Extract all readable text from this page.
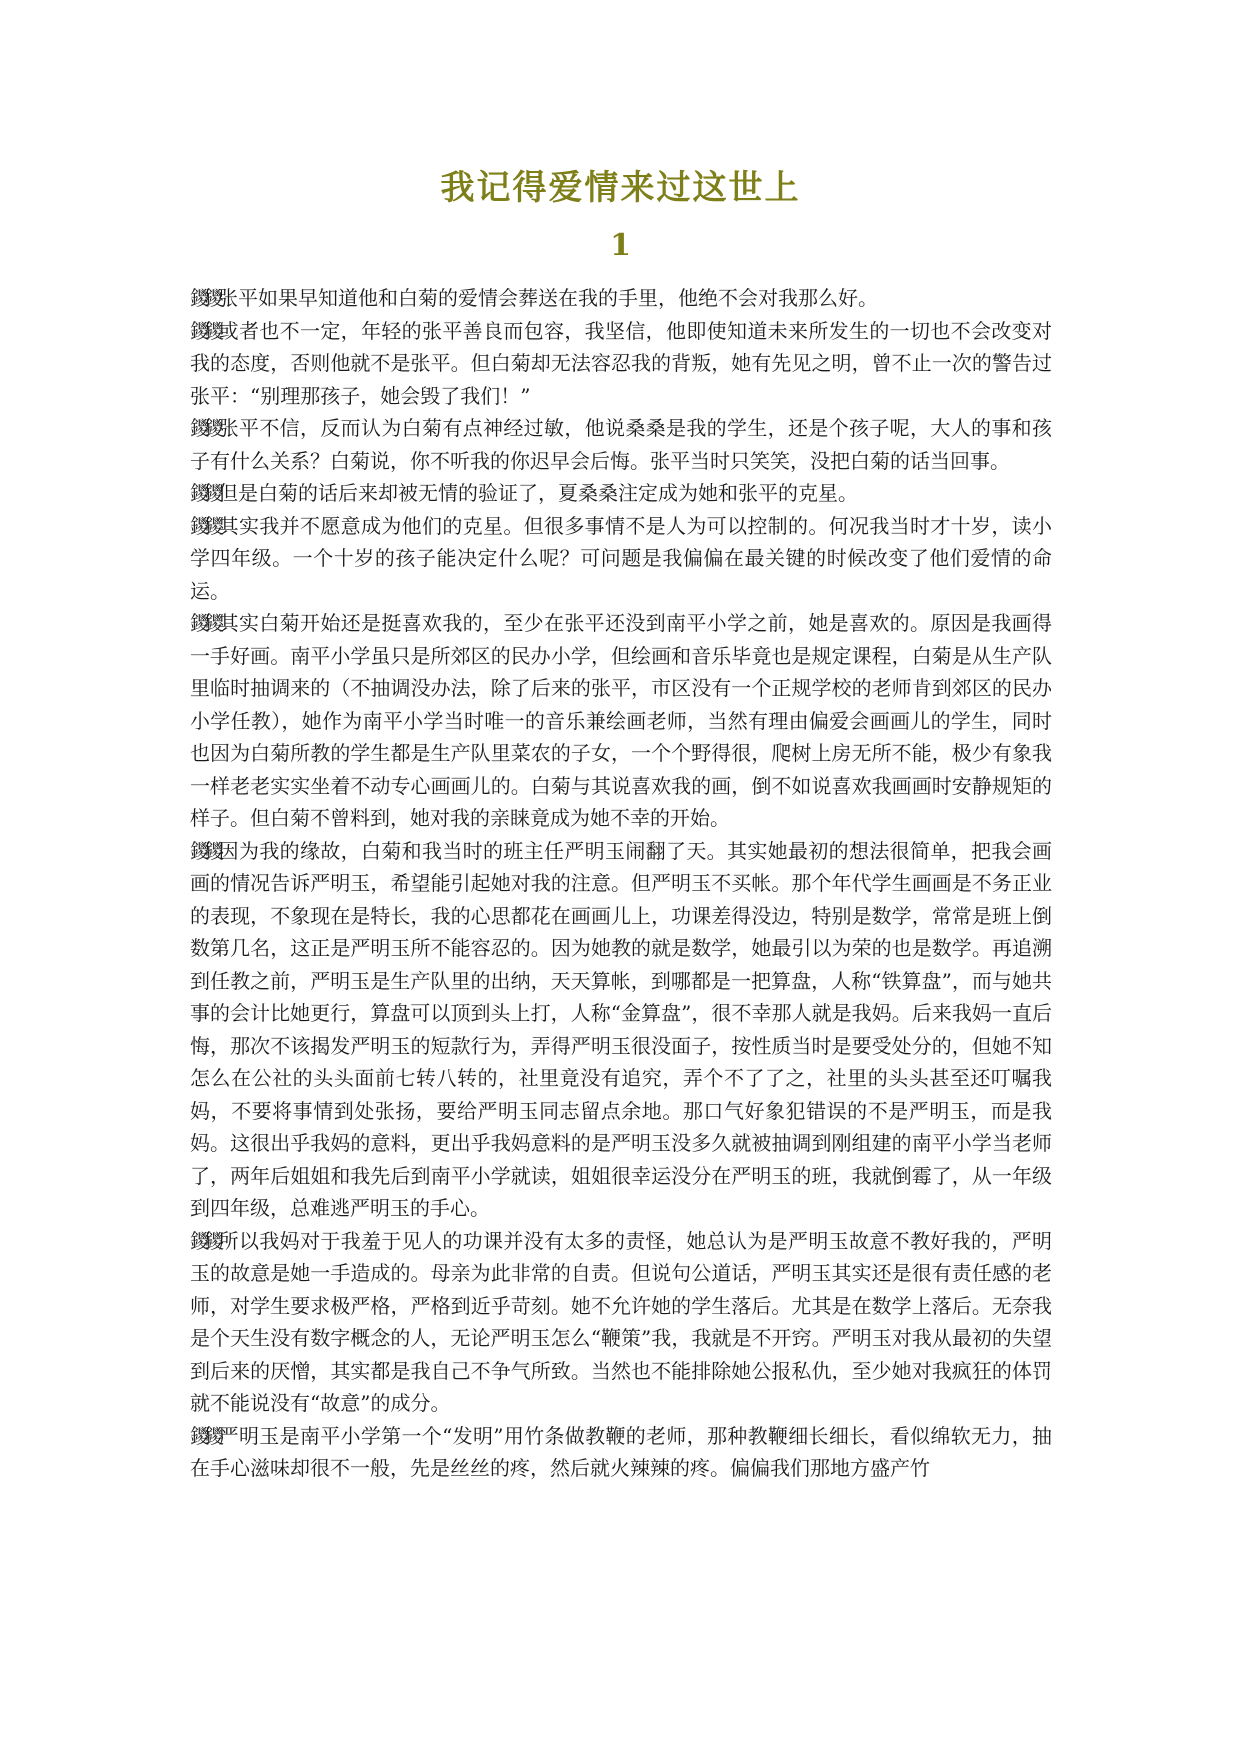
我记得爱情来过这世上
1

鑁鑁张平如果早知道他和白菊的爱情会葬送在我的手里，他绝不会对我那么好。

鑁鑁或者也不一定，年轻的张平善良而包容，我坚信，他即使知道未来所发生的一切也不会改变对我的态度，否则他就不是张平。但白菊却无法容忍我的背叛，她有先见之明，曾不止一次的警告过张平：“别理那孩子，她会毁了我们！”

鑁鑁张平不信，反而认为白菊有点神经过敏，他说桑桑是我的学生，还是个孩子呢，大人的事和孩子有什么关系？白菊说，你不听我的你迟早会后悔。张平当时只笑笑，没把白菊的话当回事。

鑁鑁但是白菊的话后来却被无情的验证了，夏桑桑注定成为她和张平的克星。

鑁鑁其实我并不愿意成为他们的克星。但很多事情不是人为可以控制的。何况我当时才十岁，读小学四年级。一个十岁的孩子能决定什么呢？可问题是我偏偏在最关键的时候改变了他们爱情的命运。

鑁鑁其实白菊开始还是挺喜欢我的，至少在张平还没到南平小学之前，她是喜欢的。原因是我画得一手好画。南平小学虽只是所郊区的民办小学，但绘画和音乐毕竟也是规定课程，白菊是从生产队里临时抽调来的（不抽调没办法，除了后来的张平，市区没有一个正规学校的老师肯到郊区的民办小学任教），她作为南平小学当时唯一的音乐兼绘画老师，当然有理由偏爱会画画儿的学生，同时也因为白菊所教的学生都是生产队里菜农的子女，一个个野得很，爬树上房无所不能，极少有象我一样老老实实坐着不动专心画画儿的。白菊与其说喜欢我的画，倒不如说喜欢我画画时安静规矩的样子。但白菊不曾料到，她对我的亲睐竟成为她不幸的开始。

鑁鑁因为我的缘故，白菊和我当时的班主任严明玉闹翻了天。其实她最初的想法很简单，把我会画画的情况告诉严明玉，希望能引起她对我的注意。但严明玉不买帐。那个年代学生画画是不务正业的表现，不象现在是特长，我的心思都花在画画儿上，功课差得没边，特别是数学，常常是班上倒数第几名，这正是严明玉所不能容忍的。因为她教的就是数学，她最引以为荣的也是数学。再追溯到任教之前，严明玉是生产队里的出纳，天天算帐，到哪都是一把算盘，人称“铁算盘”，而与她共事的会计比她更行，算盘可以顶到头上打，人称“金算盘”，很不幸那人就是我妈。后来我妈一直后悔，那次不该揭发严明玉的短款行为，弄得严明玉很没面子，按性质当时是要受处分的，但她不知怎么在公社的头头面前七转八转的，社里竟没有追究，弄个不了了之，社里的头头甚至还叮嘱我妈，不要将事情到处张扬，要给严明玉同志留点余地。那口气好象犯错误的不是严明玉，而是我妈。这很出乎我妈的意料，更出乎我妈意料的是严明玉没多久就被抽调到刚组建的南平小学当老师了，两年后姐姐和我先后到南平小学就读，姐姐很幸运没分在严明玉的班，我就倒霉了，从一年级到四年级，总难逃严明玉的手心。

鑁鑁所以我妈对于我羞于见人的功课并没有太多的责怪，她总认为是严明玉故意不教好我的，严明玉的故意是她一手造成的。母亲为此非常的自责。但说句公道话，严明玉其实还是很有责任感的老师，对学生要求极严格，严格到近乎苛刻。她不允许她的学生落后。尤其是在数学上落后。无奈我是个天生没有数字概念的人，无论严明玉怎么“鞭策”我，我就是不开窍。严明玉对我从最初的失望到后来的厌憎，其实都是我自己不争气所致。当然也不能排除她公报私仇，至少她对我疯狂的体罚就不能说没有“故意”的成分。

鑁鑁严明玉是南平小学第一个“发明”用竹条做教鞭的老师，那种教鞭细长细长，看似绵软无力，抽在手心滋味却很不一般，先是丝丝的疼，然后就火辣辣的疼。偏偏我们那地方盛产竹
